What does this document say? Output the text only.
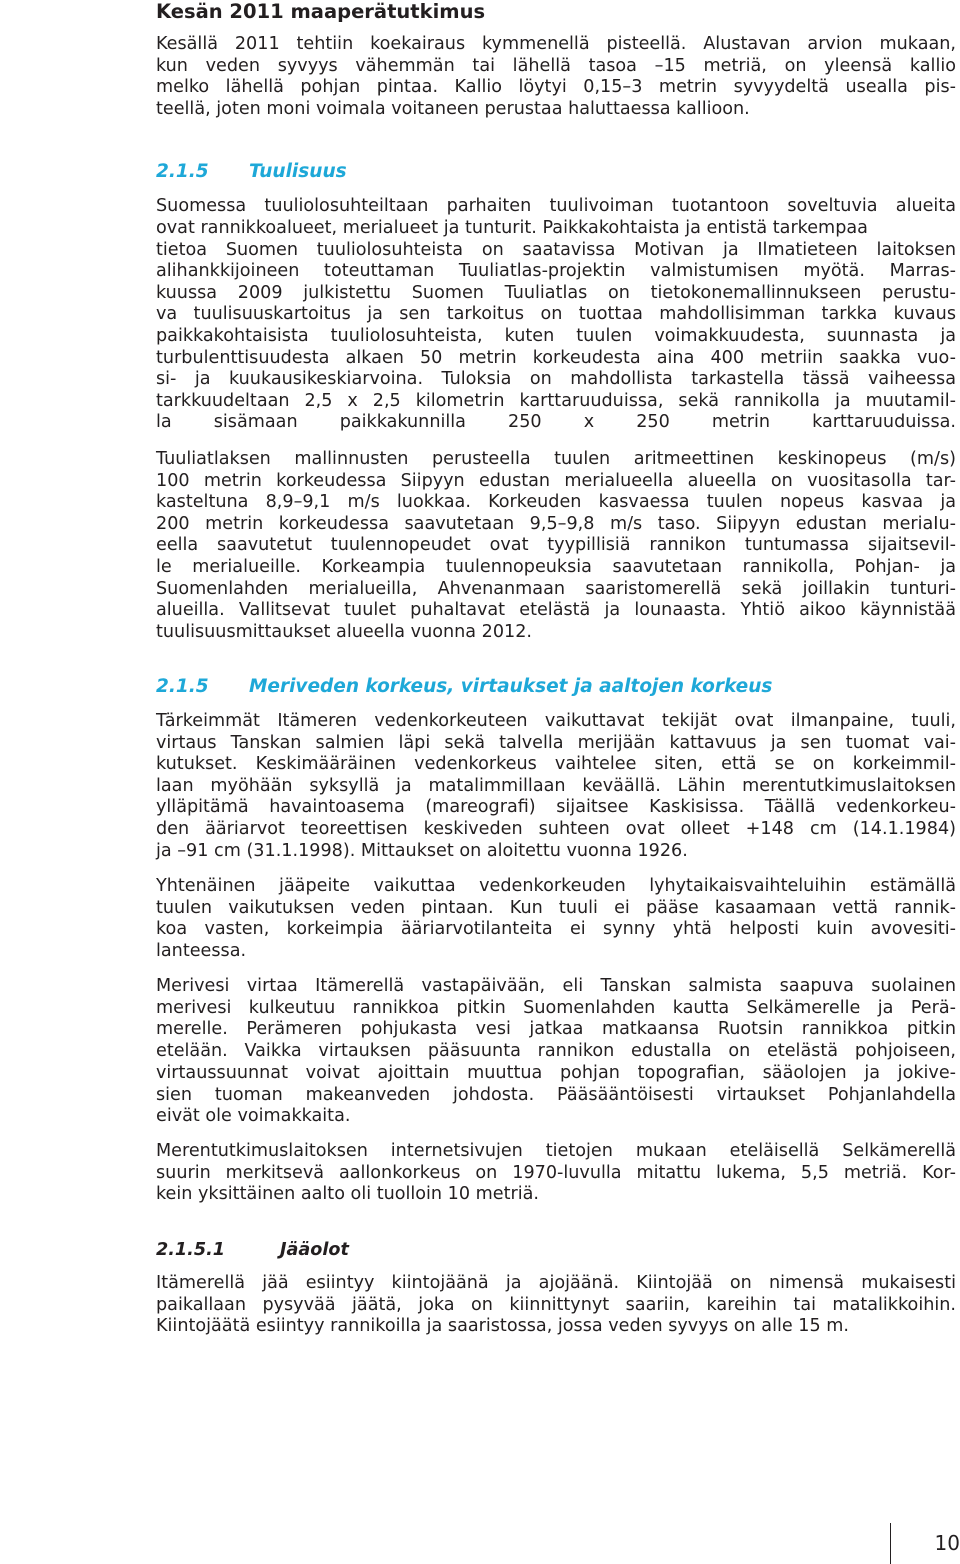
Kesän 2011 maaperätutkimus

Kesällä 2011 tehtiin koekairaus kymmenellä pisteellä. Alustavan arvion mukaan,
kun veden syvyys vähemmän tai lähellä tasoa –15 metriä, on yleensä kallio
melko lähellä pohjan pintaa. Kallio löytyi 0,15–3 metrin syvyydeltä usealla pis-
teellä, joten moni voimala voitaneen perustaa haluttaessa kallioon.

2.1.5 Tuulisuus

Suomessa tuuliolosuhteiltaan parhaiten tuulivoiman tuotantoon soveltuvia alueita
ovat rannikkoalueet, merialueet ja tunturit. Paikkakohtaista ja entistä tarkempaa

tietoa Suomen tuuliolosuhteista on saatavissa Motivan ja Ilmatieteen laitoksen
alihankkijoineen toteuttaman Tuuliatlas-projektin valmistumisen myötä. Marras-
kuussa 2009 julkistettu Suomen Tuuliatlas on tietokonemallinnukseen perustu-
va tuulisuuskartoitus ja sen tarkoitus on tuottaa mahdollisimman tarkka kuvaus
paikkakohtaisista tuuliolosuhteista, kuten tuulen voimakkuudesta, suunnasta ja
turbulenttisuudesta alkaen 50 metrin korkeudesta aina 400 metriin saakka vuo-
si- ja kuukausikeskiarvoina. Tuloksia on mahdollista tarkastella tässä vaiheessa
tarkkuudeltaan 2,5 x 2,5 kilometrin karttaruuduissa, sekä rannikolla ja muutamil-
la sisämaan paikkakunnilla 250 x 250 metrin karttaruuduissa.

Tuuliatlaksen mallinnusten perusteella tuulen aritmeettinen keskinopeus (m/s)
100 metrin korkeudessa Siipyyn edustan merialueella alueella on vuositasolla tar-
kasteltuna 8,9–9,1 m/s luokkaa. Korkeuden kasvaessa tuulen nopeus kasvaa ja
200 metrin korkeudessa saavutetaan 9,5–9,8 m/s taso. Siipyyn edustan meriaIu-
eella saavutetut tuulennopeudet ovat tyypillisiä rannikon tuntumassa sijaitsevil-
le merialueille. Korkeampia tuulennopeuksia saavutetaan rannikolla, Pohjan- ja
Suomenlahden merialueilla, Ahvenanmaan saaristomerellä sekä joillakin tunturi-
alueilla. Vallitsevat tuulet puhaltavat etelästä ja lounaasta. Yhtiö aikoo käynnistää
tuulisuusmittaukset alueella vuonna 2012.

2.1.5 Meriveden korkeus, virtaukset ja aaltojen korkeus

Tärkeimmät Itämeren vedenkorkeuteen vaikuttavat tekijät ovat ilmanpaine, tuuli,
virtaus Tanskan salmien läpi sekä talvella merijään kattavuus ja sen tuomat vai-
kutukset. Keskimääräinen vedenkorkeus vaihtelee siten, että se on korkeimmil-
laan myöhään syksyllä ja matalimmillaan keväällä. Lähin merentutkimuslaitoksen
ylläpitämä havaintoasema (mareografi) sijaitsee Kaskisissa. Täällä vedenkorkeu-
den ääriarvot teoreettisen keskiveden suhteen ovat olleet +148 cm (14.1.1984)
ja –91 cm (31.1.1998). Mittaukset on aloitettu vuonna 1926.

Yhtenäinen jääpeite vaikuttaa vedenkorkeuden lyhytaikaisvaihteluihin estämällä
tuulen vaikutuksen veden pintaan. Kun tuuli ei pääse kasaamaan vettä rannik-
koa vasten, korkeimpia ääriarvotilanteita ei synny yhtä helposti kuin avovesiti-
lanteessa.

Merivesi virtaa Itämerellä vastapäivään, eli Tanskan salmista saapuva suolainen
merivesi kulkeutuu rannikkoa pitkin Suomenlahden kautta Selkämerelle ja Perä-
merelle. Perämeren pohjukasta vesi jatkaa matkaansa Ruotsin rannikkoa pitkin
etelään. Vaikka virtauksen pääsuunta rannikon edustalla on etelästä pohjoiseen,
virtaussuunnat voivat ajoittain muuttua pohjan topografian, sääolojen ja jokive-
sien tuoman makeanveden johdosta. Pääsääntöisesti virtaukset Pohjanlahdella
eivät ole voimakkaita.

Merentutkimuslaitoksen internetsivujen tietojen mukaan eteläisellä Selkämerellä
suurin merkitsevä aallonkorkeus on 1970-luvulla mitattu lukema, 5,5 metriä. Kor-
kein yksittäinen aalto oli tuolloin 10 metriä.

2.1.5.1	Jääolot

Itämerellä jää esiintyy kiintojäänä ja ajojäänä. Kiintojää on nimensä mukaisesti
paikallaan pysyvää jäätä, joka on kiinnittynyt saariin, kareihin tai matalikkoihin.
Kiintojäätä esiintyy rannikoilla ja saaristossa, jossa veden syvyys on alle 15 m.

10
